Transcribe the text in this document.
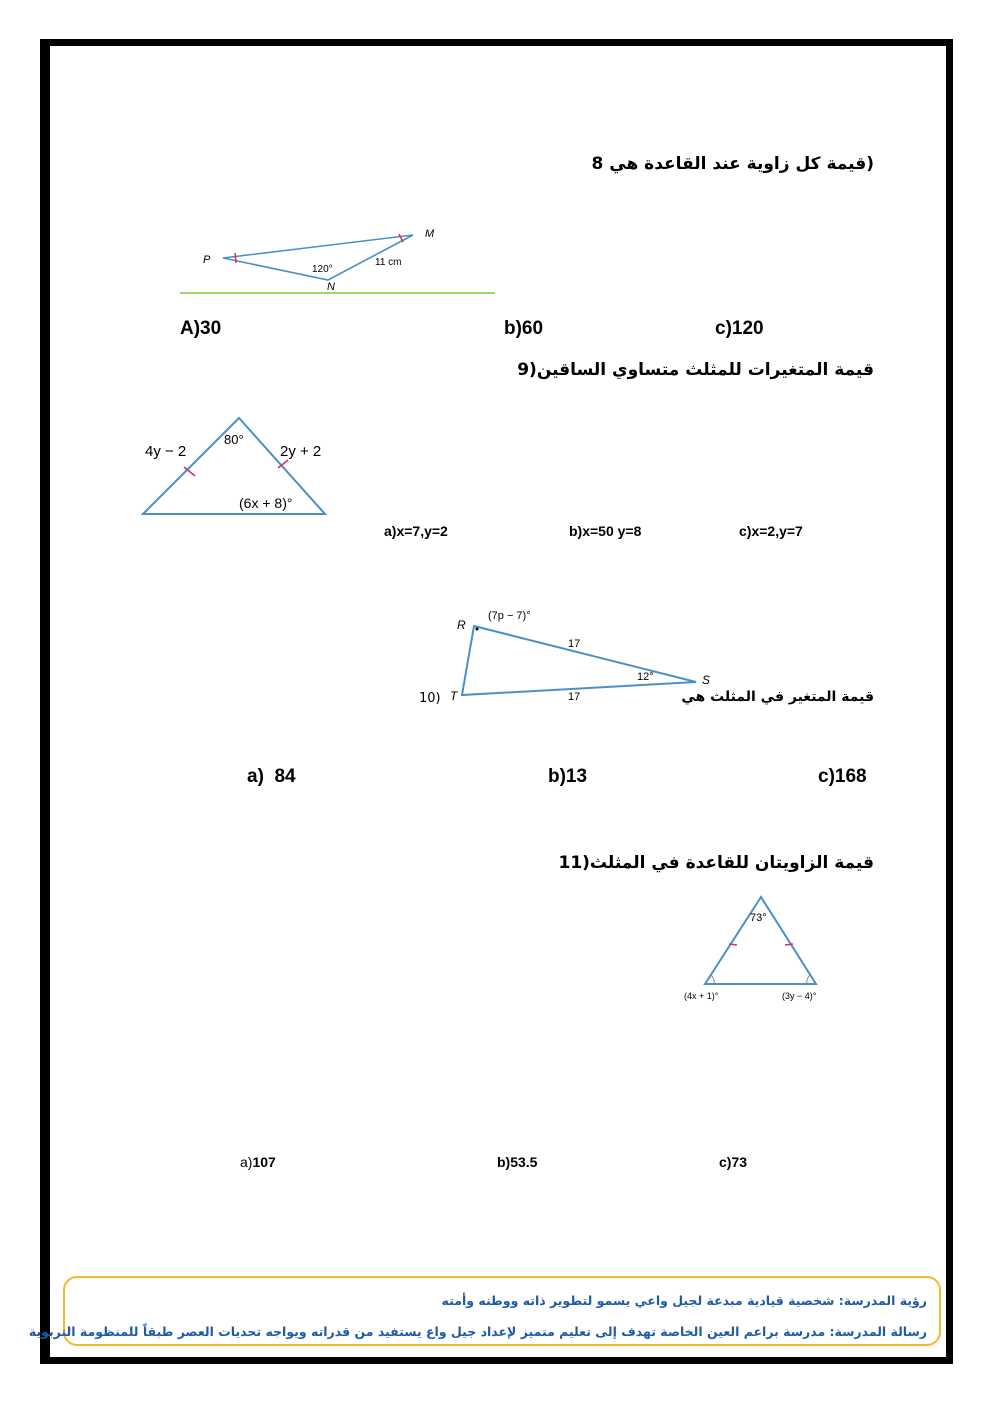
(قيمة كل زاوية عند القاعدة هي 8
P
M
N
120°
11 cm
A)30	b)60	c)120
قيمة المتغيرات للمثلث متساوي الساقين(9
4y − 2	2y + 2
80°
(6x + 8)°
a)x=7,y=2	b)x=50 y=8	c)x=2,y=7
R
S
T
(7p − 7)°
12°
17
17
10)	قيمة المتغير في المثلث هي
a)  84	b)13	c)168
قيمة الزاويتان للقاعدة في المثلث(11
73°
(4x + 1)°	(3y − 4)°
a)107	b)53.5	c)73
رؤية المدرسة: شخصية قيادية مبدعة لجيل واعي يسمو لتطوير ذاته ووطنه وأمته
رسالة المدرسة: مدرسة براعم العين الخاصة تهدف إلى تعليم متميز لإعداد جيل واع يستفيد من قدراته ويواجه تحديات العصر طبقاً للمنظومة التربوية
